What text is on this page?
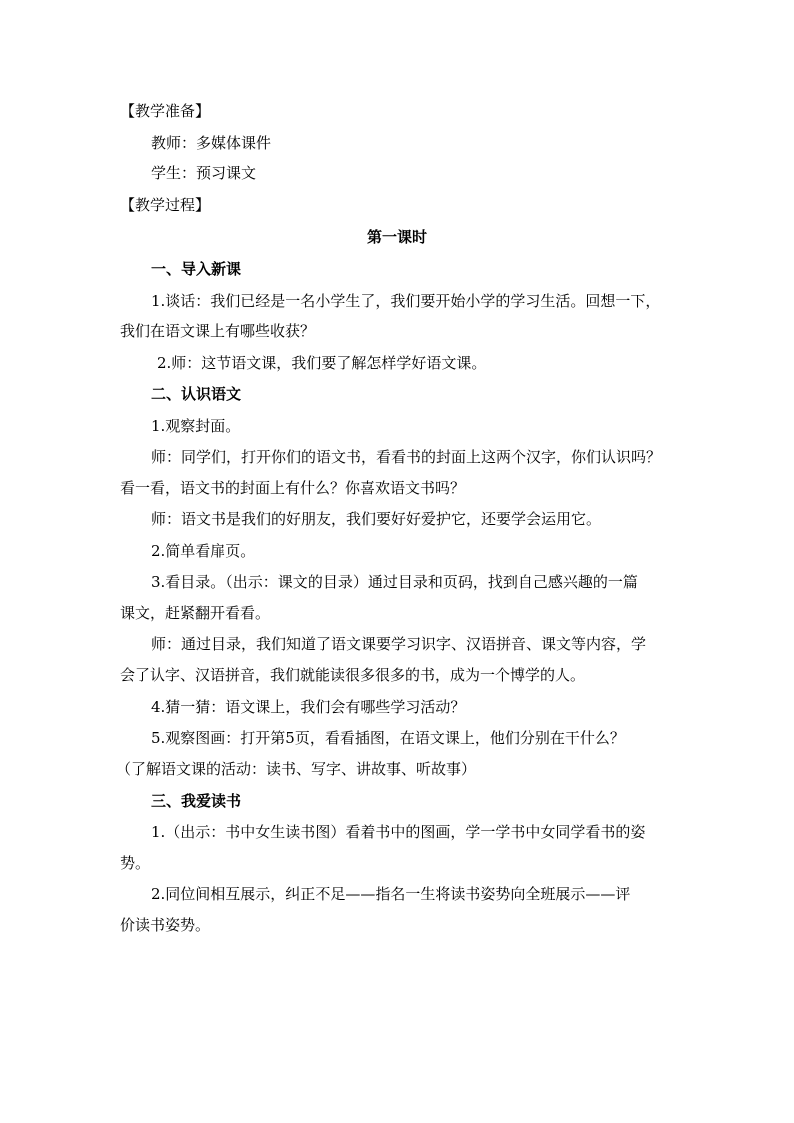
【教学准备】
教师：多媒体课件
学生：预习课文
【教学过程】
第一课时
一、导入新课
1.谈话：我们已经是一名小学生了，我们要开始小学的学习生活。回想一下，
我们在语文课上有哪些收获？
2.师：这节语文课，我们要了解怎样学好语文课。
二、认识语文
1.观察封面。
师：同学们，打开你们的语文书，看看书的封面上这两个汉字，你们认识吗？
看一看，语文书的封面上有什么？你喜欢语文书吗？
师：语文书是我们的好朋友，我们要好好爱护它，还要学会运用它。
2.简单看扉页。
3.看目录。（出示：课文的目录）通过目录和页码，找到自己感兴趣的一篇
课文，赶紧翻开看看。
师：通过目录，我们知道了语文课要学习识字、汉语拼音、课文等内容，学
会了认字、汉语拼音，我们就能读很多很多的书，成为一个博学的人。
4.猜一猜：语文课上，我们会有哪些学习活动？
5.观察图画：打开第5页，看看插图，在语文课上，他们分别在干什么？
（了解语文课的活动：读书、写字、讲故事、听故事）
三、我爱读书
1.（出示：书中女生读书图）看着书中的图画，学一学书中女同学看书的姿
势。
2.同位间相互展示，纠正不足——指名一生将读书姿势向全班展示——评
价读书姿势。
